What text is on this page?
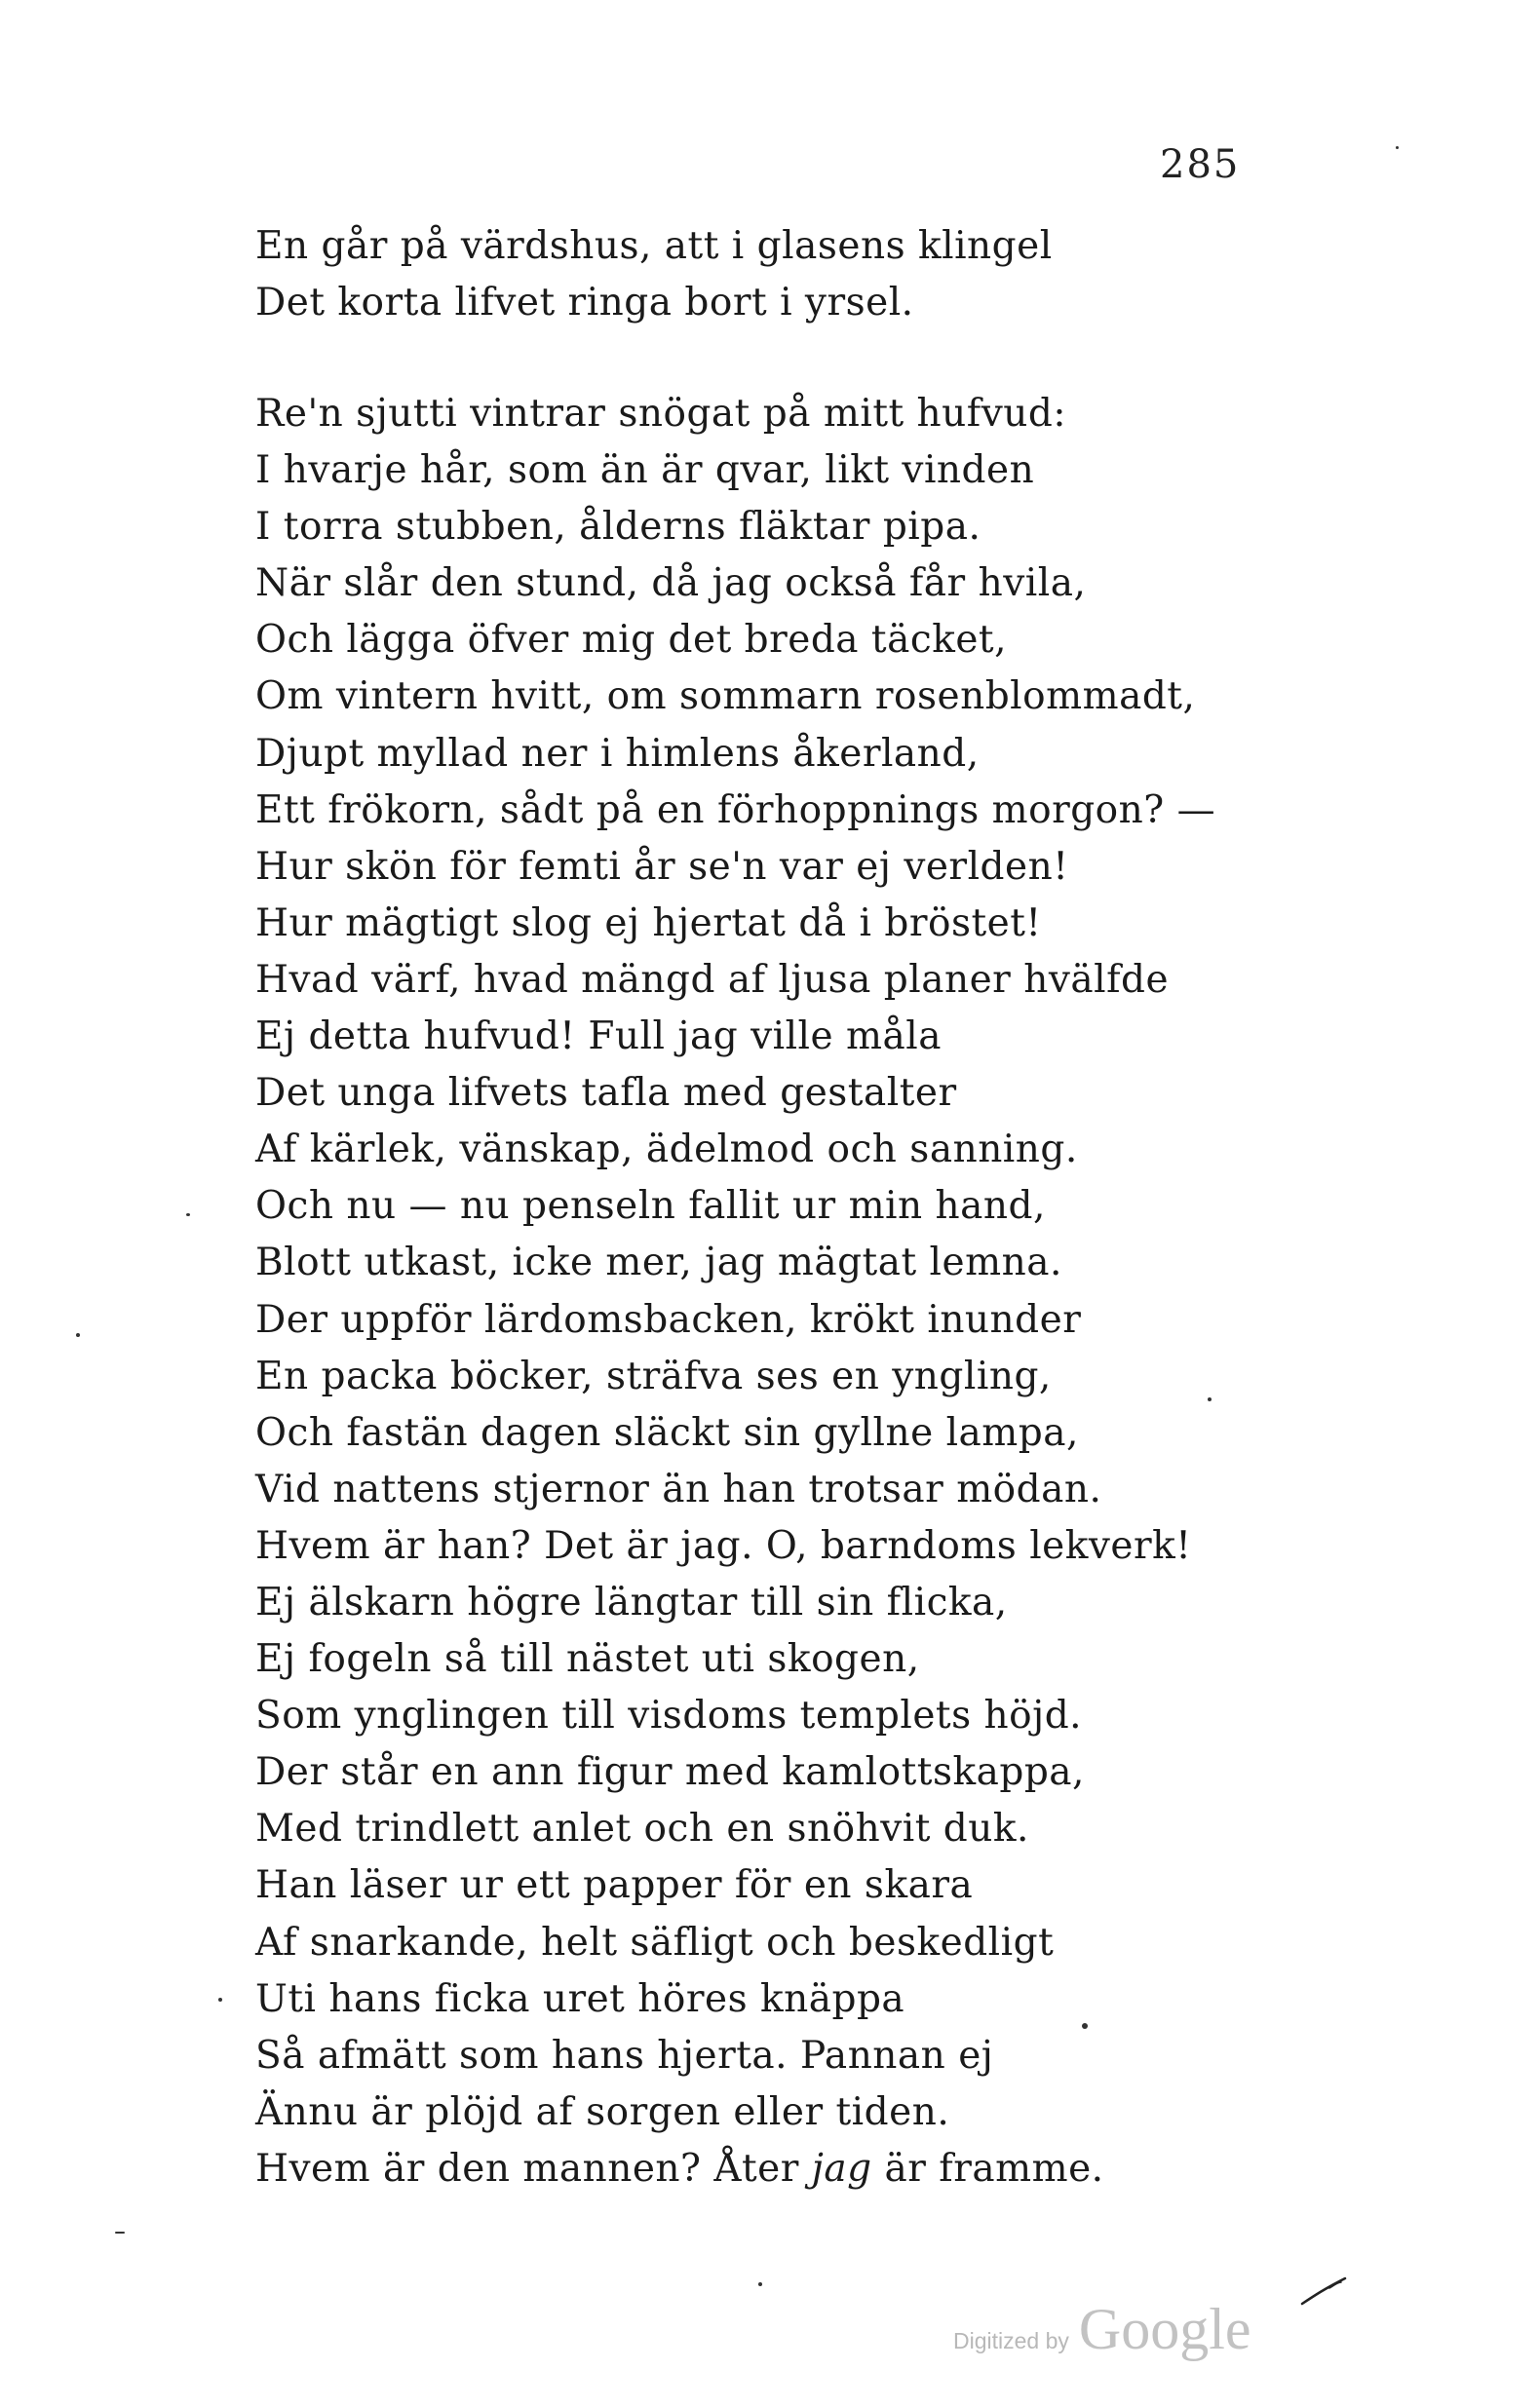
285
En går på värdshus, att i glasens klingel
Det korta lifvet ringa bort i yrsel.
Re'n sjutti vintrar snögat på mitt hufvud:
I hvarje hår, som än är qvar, likt vinden
I torra stubben, ålderns fläktar pipa.
När slår den stund, då jag också får hvila,
Och lägga öfver mig det breda täcket,
Om vintern hvitt, om sommarn rosenblommadt,
Djupt myllad ner i himlens åkerland,
Ett frökorn, sådt på en förhoppnings morgon? —
Hur skön för femti år se'n var ej verlden!
Hur mägtigt slog ej hjertat då i bröstet!
Hvad värf, hvad mängd af ljusa planer hvälfde
Ej detta hufvud! Full jag ville måla
Det unga lifvets tafla med gestalter
Af kärlek, vänskap, ädelmod och sanning.
Och nu — nu penseln fallit ur min hand,
Blott utkast, icke mer, jag mägtat lemna.
Der uppför lärdomsbacken, krökt inunder
En packa böcker, sträfva ses en yngling,
Och fastän dagen släckt sin gyllne lampa,
Vid nattens stjernor än han trotsar mödan.
Hvem är han? Det är jag. O, barndoms lekverk!
Ej älskarn högre längtar till sin flicka,
Ej fogeln så till nästet uti skogen,
Som ynglingen till visdoms templets höjd.
Der står en ann figur med kamlottskappa,
Med trindlett anlet och en snöhvit duk.
Han läser ur ett papper för en skara
Af snarkande, helt säfligt och beskedligt
Uti hans ficka uret höres knäppa
Så afmätt som hans hjerta. Pannan ej
Ännu är plöjd af sorgen eller tiden.
Hvem är den mannen? Åter jag är framme.
Digitized by Google
